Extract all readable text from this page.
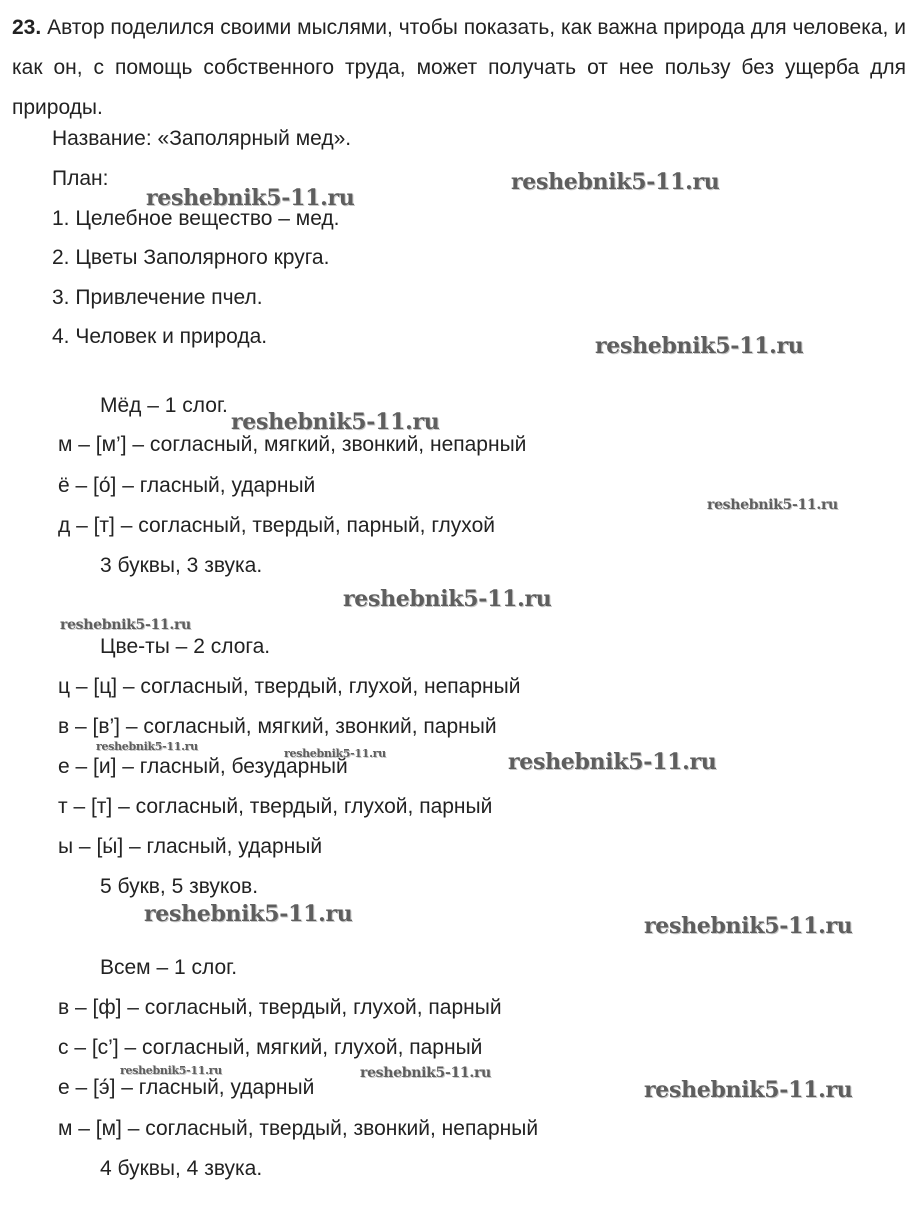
23. Автор поделился своими мыслями, чтобы показать, как важна природа для человека, и как он, с помощь собственного труда, может получать от нее пользу без ущерба для природы.
Название: «Заполярный мед».
План:
1. Целебное вещество – мед.
2. Цветы Заполярного круга.
3. Привлечение пчел.
4. Человек и природа.
Мёд – 1 слог.
м – [м’] – согласный, мягкий, звонкий, непарный
ё – [о́] – гласный, ударный
д – [т] – согласный, твердый, парный, глухой
3 буквы, 3 звука.
Цве-ты – 2 слога.
ц – [ц] – согласный, твердый, глухой, непарный
в – [в’] – согласный, мягкий, звонкий, парный
е – [и] – гласный, безударный
т – [т] – согласный, твердый, глухой, парный
ы – [ы́] – гласный, ударный
5 букв, 5 звуков.
Всем – 1 слог.
в – [ф] – согласный, твердый, глухой, парный
с – [с’] – согласный, мягкий, глухой, парный
е – [э́] – гласный, ударный
м – [м] – согласный, твердый, звонкий, непарный
4 буквы, 4 звука.
reshebnik5-11.ru
reshebnik5-11.ru
reshebnik5-11.ru
reshebnik5-11.ru
reshebnik5-11.ru
reshebnik5-11.ru
reshebnik5-11.ru
reshebnik5-11.ru
reshebnik5-11.ru	reshebnik5-11.ru
reshebnik5-11.ru	reshebnik5-11.ru
reshebnik5-11.ru	reshebnik5-11.ru
reshebnik5-11.ru
